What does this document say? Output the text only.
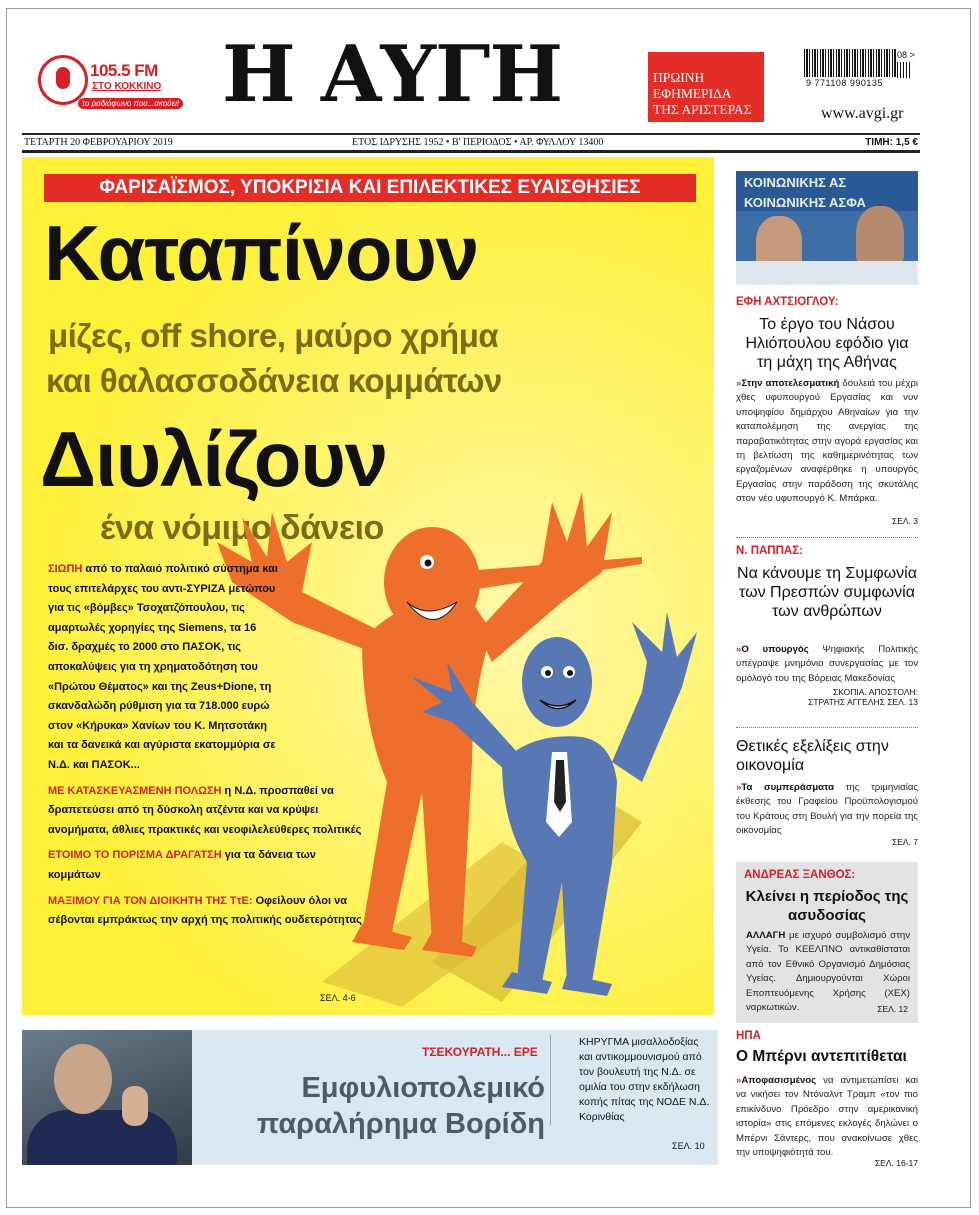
105.5 FM
ΣΤΟ ΚΟΚΚΙΝΟ
το ραδιόφωνο που...ακούει! Η ΑΥΓΗ	ΠΡΩΙΝΗ
ΕΦΗΜΕΡΙΔΑ
ΤΗΣ ΑΡΙΣΤΕΡΑΣ
9 771108 990135
08 >
www.avgi.gr
ΤΕΤΑΡΤΗ 20 ΦΕΒΡΟΥΑΡΙΟΥ 2019	ΕΤΟΣ ΙΔΡΥΣΗΣ 1952 • Β' ΠΕΡΙΟΔΟΣ • ΑΡ. ΦΥΛΛΟΥ 13400	ΤΙΜΗ: 1,5 €
ΦΑΡΙΣΑΪΣΜΟΣ, ΥΠΟΚΡΙΣΙΑ ΚΑΙ ΕΠΙΛΕΚΤΙΚΕΣ ΕΥΑΙΣΘΗΣΙΕΣ
Καταπίνουν
μίζες, off shore, μαύρο χρήμα
και θαλασσοδάνεια κομμάτων
Διυλίζουν
ένα νόμιμο δάνειο

ΣΙΩΠΗ από το παλαιό πολιτικό σύστημα και τους επιτελάρχες του αντι-ΣΥΡΙΖΑ μετώπου για τις «βόμβες» Τσοχατζόπουλου, τις αμαρτωλές χορηγίες της Siemens, τα 16 δισ. δραχμές το 2000 στο ΠΑΣΟΚ, τις αποκαλύψεις για τη χρηματοδότηση του «Πρώτου Θέματος» και της Zeus+Dione, τη σκανδαλώδη ρύθμιση για τα 718.000 ευρώ στον «Κήρυκα» Χανίων του Κ. Μητσοτάκη και τα δανεικά και αγύριστα εκατομμύρια σε Ν.Δ. και ΠΑΣΟΚ...

ΜΕ ΚΑΤΑΣΚΕΥΑΣΜΕΝΗ ΠΟΛΩΣΗ η Ν.Δ. προσπαθεί να δραπετεύσει από τη δύσκολη ατζέντα και να κρύψει ανομήματα, άθλιες πρακτικές και νεοφιλελεύθερες πολιτικές

ΕΤΟΙΜΟ ΤΟ ΠΟΡΙΣΜΑ ΔΡΑΓΑΤΣΗ για τα δάνεια των κομμάτων

ΜΑΞΙΜΟΥ ΓΙΑ ΤΟΝ ΔΙΟΙΚΗΤΗ ΤΗΣ ΤτΕ: Οφείλουν όλοι να σέβονται εμπράκτως την αρχή της πολιτικής ουδετερότητας

ΣΕΛ. 4-6
ΤΣΕΚΟΥΡΑΤΗ... ΕΡΕ
Εμφυλιοπολεμικό
παραλήρημα Βορίδη
ΚΗΡΥΓΜΑ μισαλλοδοξίας και αντικομμουνισμού από τον βουλευτή της Ν.Δ. σε ομιλία του στην εκδήλωση κοπής πίτας της ΝΟΔΕ Ν.Δ. Κορινθίας
ΣΕΛ. 10
ΚΟΙΝΩΝΙΚΗΣ ΑΣ
ΚΟΙΝΩΝΙΚΗΣ ΑΣΦΑ
ΕΦΗ ΑΧΤΣΙΟΓΛΟΥ:
Το έργο του Νάσου Ηλιόπουλου εφόδιο για τη μάχη της Αθήνας
»Στην αποτελεσματική δουλειά του μέχρι χθες υφυπουργού Εργασίας και νυν υποψηφίου δημάρχου Αθηναίων για την καταπολέμηση της ανεργίας της παραβατικότητας στην αγορά εργασίας και τη βελτίωση της καθημερινότητας των εργαζομένων αναφέρθηκε η υπουργός Εργασίας στην παράδοση της σκυτάλης στον νέο υφυπουργό Κ. Μπάρκα.
ΣΕΛ. 3
Ν. ΠΑΠΠΑΣ:
Να κάνουμε τη Συμφωνία των Πρεσπών συμφωνία των ανθρώπων
»Ο υπουργός Ψηφιακής Πολιτικής υπέγραψε μνημόνιο συνεργασίας με τον ομόλογό του της Βόρειας Μακεδονίας
ΣΚΟΠΙΑ. ΑΠΟΣΤΟΛΗ: ΣΤΡΑΤΗΣ ΑΓΓΕΛΗΣ ΣΕΛ. 13
Θετικές εξελίξεις στην οικονομία
»Τα συμπεράσματα της τριμηνιαίας έκθεσης του Γραφείου Προϋπολογισμού του Κράτους στη Βουλή για την πορεία της οικονομίας
ΣΕΛ. 7
ΑΝΔΡΕΑΣ ΞΑΝΘΟΣ:
Κλείνει η περίοδος της ασυδοσίας
ΑΛΛΑΓΗ με ισχυρό συμβολισμό στην Υγεία. Το ΚΕΕΛΠΝΟ αντικαθίσταται από τον Εθνικό Οργανισμό Δημόσιας Υγείας. Δημιουργούνται Χώροι Εποπτευόμενης Χρήσης (ΧΕΧ) ναρκωτικών.	ΣΕΛ. 12
ΗΠΑ
Ο Μπέρνι αντεπιτίθεται
»Αποφασισμένος να αντιμετωπίσει και να νικήσει τον Ντόναλντ Τραμπ «τον πιο επικίνδυνο Πρόεδρο στην αμερικανική ιστορία» στις επόμενες εκλογές δηλώνει ο Μπέρνι Σάντερς, που ανακοίνωσε χθες την υποψηφιότητά του.
ΣΕΛ. 16-17
